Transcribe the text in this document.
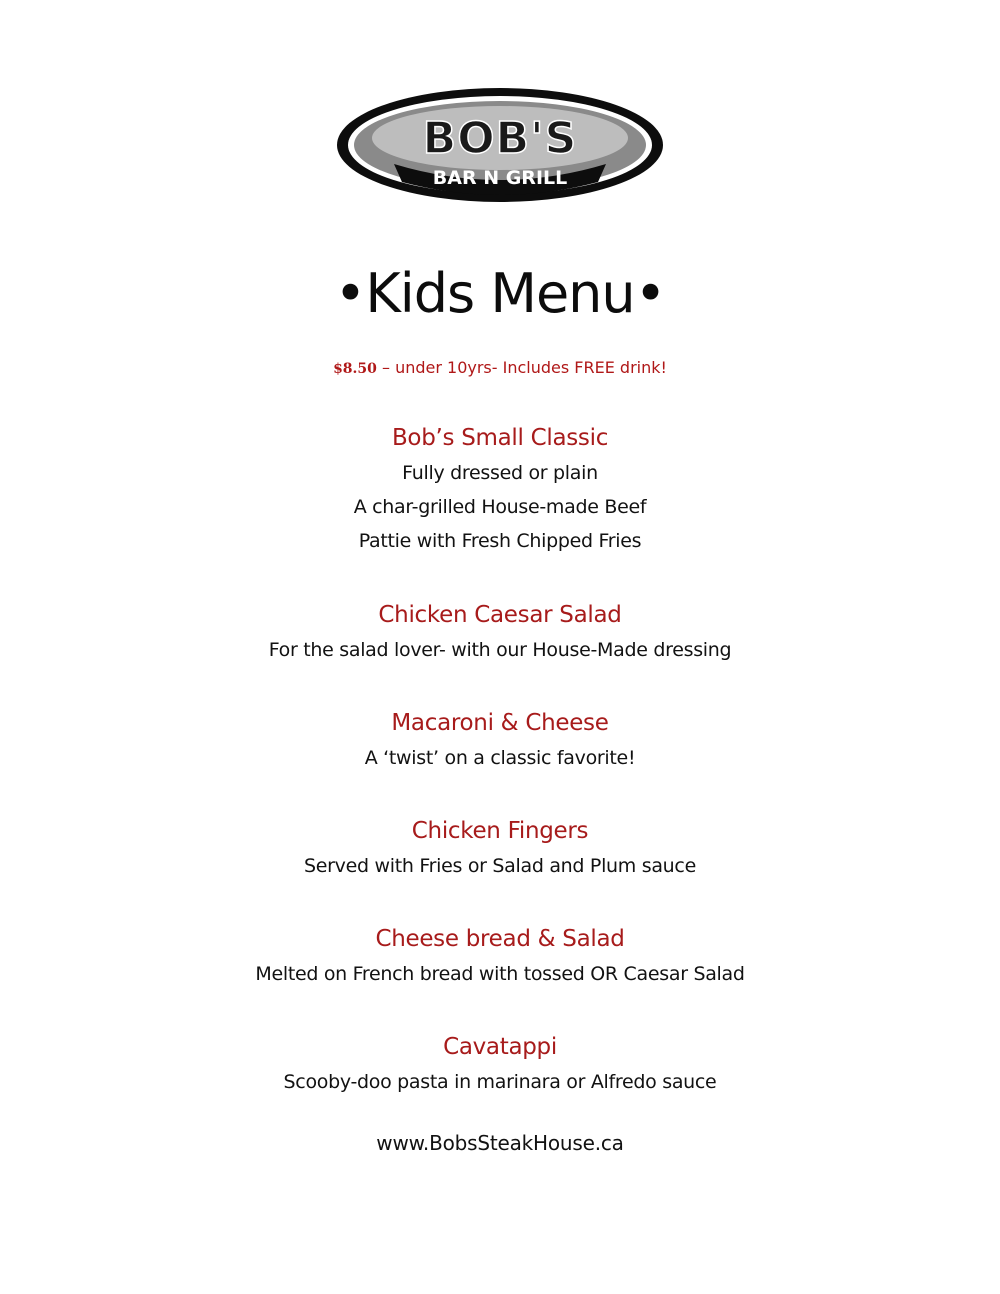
BOB'S
BAR N GRILL
•Kids Menu•
$8.50 – under 10yrs- Includes FREE drink!
Bob’s Small Classic
Fully dressed or plain
A char-grilled House-made Beef
Pattie with Fresh Chipped Fries
Chicken Caesar Salad
For the salad lover- with our House-Made dressing
Macaroni & Cheese
A ‘twist’ on a classic favorite!
Chicken Fingers
Served with Fries or Salad and Plum sauce
Cheese bread & Salad
Melted on French bread with tossed OR Caesar Salad
Cavatappi
Scooby-doo pasta in marinara or Alfredo sauce
www.BobsSteakHouse.ca
